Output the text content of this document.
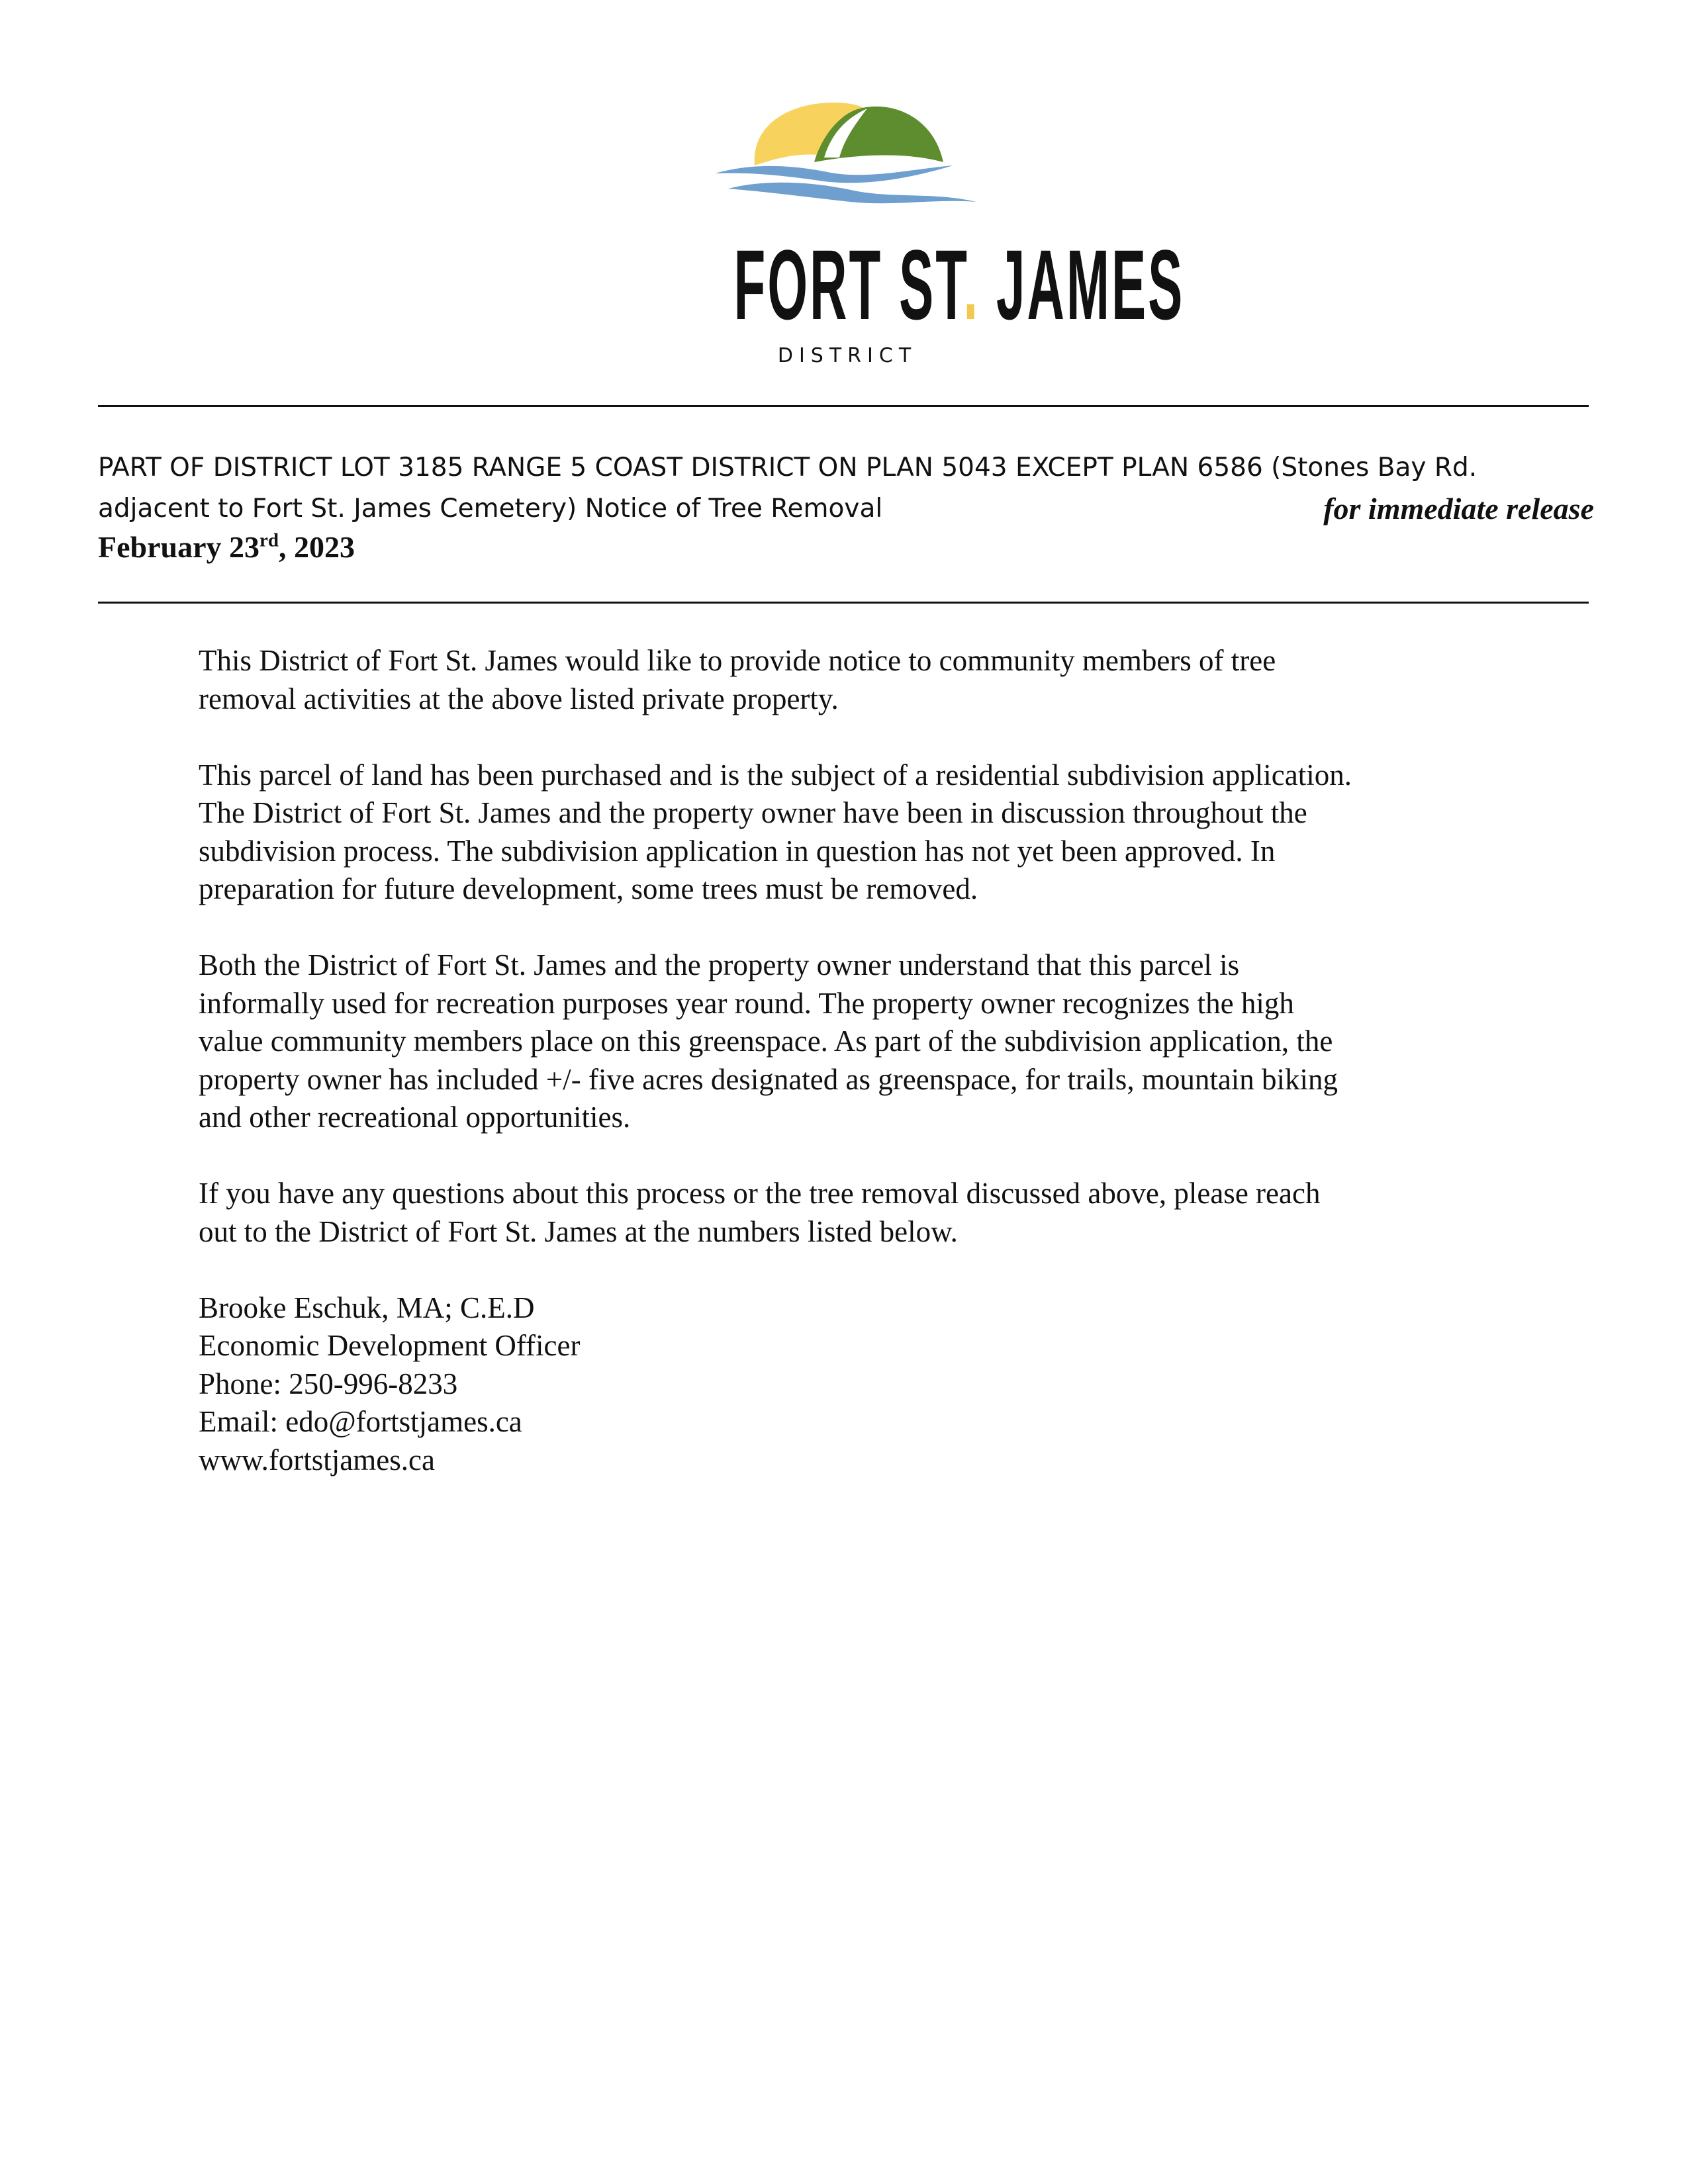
FORT ST. JAMES
DISTRICT
PART OF DISTRICT LOT 3185 RANGE 5 COAST DISTRICT ON PLAN 5043 EXCEPT PLAN 6586 (Stones Bay Rd.
adjacent to Fort St. James Cemetery) Notice of Tree Removal	for immediate release
February 23rd, 2023

This District of Fort St. James would like to provide notice to community members of tree
removal activities at the above listed private property.

This parcel of land has been purchased and is the subject of a residential subdivision application.
The District of Fort St. James and the property owner have been in discussion throughout the
subdivision process. The subdivision application in question has not yet been approved. In
preparation for future development, some trees must be removed.

Both the District of Fort St. James and the property owner understand that this parcel is
informally used for recreation purposes year round. The property owner recognizes the high
value community members place on this greenspace. As part of the subdivision application, the
property owner has included +/- five acres designated as greenspace, for trails, mountain biking
and other recreational opportunities.

If you have any questions about this process or the tree removal discussed above, please reach
out to the District of Fort St. James at the numbers listed below.

Brooke Eschuk, MA; C.E.D
Economic Development Officer
Phone: 250-996-8233
Email: edo@fortstjames.ca
www.fortstjames.ca
